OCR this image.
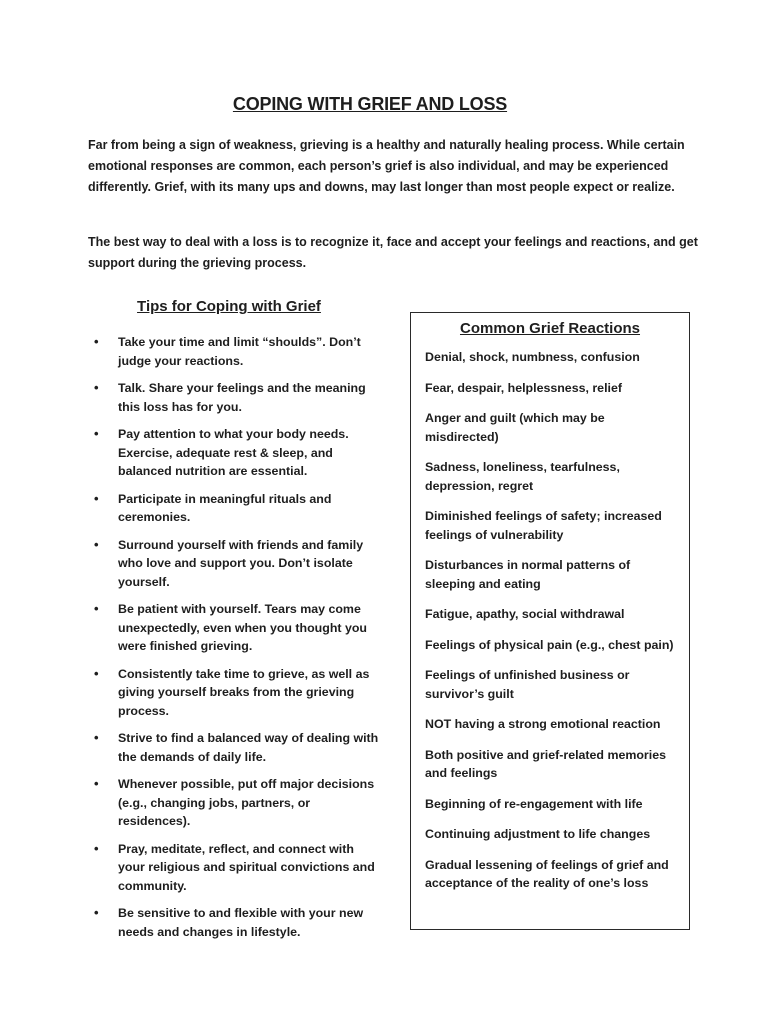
COPING WITH GRIEF AND LOSS

Far from being a sign of weakness, grieving is a healthy and naturally healing process. While certain emotional responses are common, each person’s grief is also individual, and may be experienced differently. Grief, with its many ups and downs, may last longer than most people expect or realize.

The best way to deal with a loss is to recognize it, face and accept your feelings and reactions, and get support during the grieving process.

Tips for Coping with Grief
• Take your time and limit “shoulds”. Don’t judge your reactions.
• Talk. Share your feelings and the meaning this loss has for you.
• Pay attention to what your body needs. Exercise, adequate rest & sleep, and balanced nutrition are essential.
• Participate in meaningful rituals and ceremonies.
• Surround yourself with friends and family who love and support you. Don’t isolate yourself.
• Be patient with yourself. Tears may come unexpectedly, even when you thought you were finished grieving.
• Consistently take time to grieve, as well as giving yourself breaks from the grieving process.
• Strive to find a balanced way of dealing with the demands of daily life.
• Whenever possible, put off major decisions (e.g., changing jobs, partners, or residences).
• Pray, meditate, reflect, and connect with your religious and spiritual convictions and community.
• Be sensitive to and flexible with your new needs and changes in lifestyle.
Common Grief Reactions
Denial, shock, numbness, confusion
Fear, despair, helplessness, relief
Anger and guilt (which may be misdirected)
Sadness, loneliness, tearfulness, depression, regret
Diminished feelings of safety; increased feelings of vulnerability
Disturbances in normal patterns of sleeping and eating
Fatigue, apathy, social withdrawal
Feelings of physical pain (e.g., chest pain)
Feelings of unfinished business or survivor’s guilt
NOT having a strong emotional reaction
Both positive and grief-related memories and feelings
Beginning of re-engagement with life
Continuing adjustment to life changes
Gradual lessening of feelings of grief and acceptance of the reality of one’s loss
